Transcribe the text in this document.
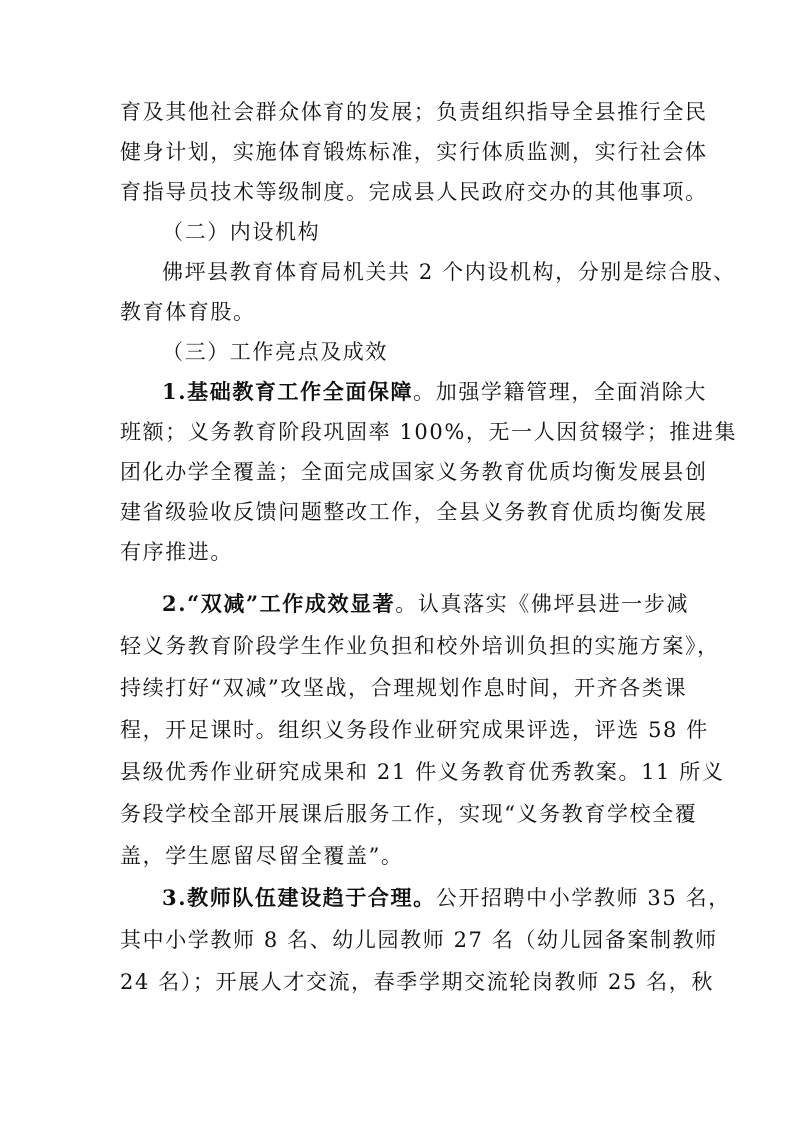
育及其他社会群众体育的发展；负责组织指导全县推行全民
健身计划，实施体育锻炼标准，实行体质监测，实行社会体
育指导员技术等级制度。完成县人民政府交办的其他事项。
（二）内设机构
佛坪县教育体育局机关共 2 个内设机构，分别是综合股、
教育体育股。
（三）工作亮点及成效
1.基础教育工作全面保障。加强学籍管理，全面消除大
班额；义务教育阶段巩固率 100%，无一人因贫辍学；推进集
团化办学全覆盖；全面完成国家义务教育优质均衡发展县创
建省级验收反馈问题整改工作，全县义务教育优质均衡发展
有序推进。
2.“双减”工作成效显著。认真落实《佛坪县进一步减
轻义务教育阶段学生作业负担和校外培训负担的实施方案》，
持续打好“双减”攻坚战，合理规划作息时间，开齐各类课
程，开足课时。组织义务段作业研究成果评选，评选 58 件
县级优秀作业研究成果和 21 件义务教育优秀教案。11 所义
务段学校全部开展课后服务工作，实现“义务教育学校全覆
盖，学生愿留尽留全覆盖”。
3.教师队伍建设趋于合理。公开招聘中小学教师 35 名，
其中小学教师 8 名、幼儿园教师 27 名（幼儿园备案制教师
24 名）；开展人才交流，春季学期交流轮岗教师 25 名，秋
